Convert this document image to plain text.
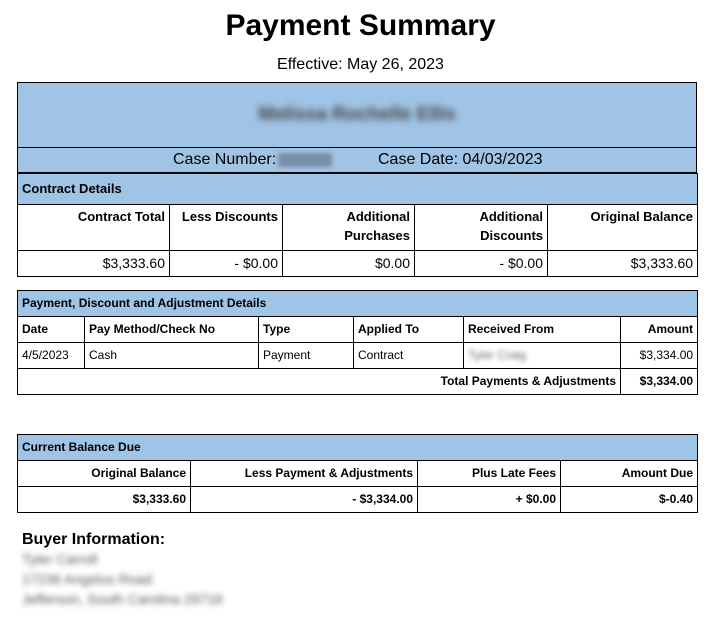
Payment Summary
Effective: May 26, 2023
Melissa Rochelle Ellis
Case Number:	Case Date: 04/03/2023
Contract Details				
Contract Total	Less Discounts	Additional Purchases	Additional Discounts	Original Balance
$3,333.60	- $0.00	$0.00	- $0.00	$3,333.60
Payment, Discount and Adjustment Details					
Date	Pay Method/Check No	Type	Applied To	Received From	Amount
4/5/2023	Cash	Payment	Contract	Tyler Craig	$3,334.00
Total Payments & Adjustments					$3,334.00
Current Balance Due			
Original Balance	Less Payment & Adjustments	Plus Late Fees	Amount Due
$3,333.60	- $3,334.00	+ $0.00	$-0.40
Buyer Information:
Tyler Carroll
17236 Angelus Road
Jefferson, South Carolina 29718
